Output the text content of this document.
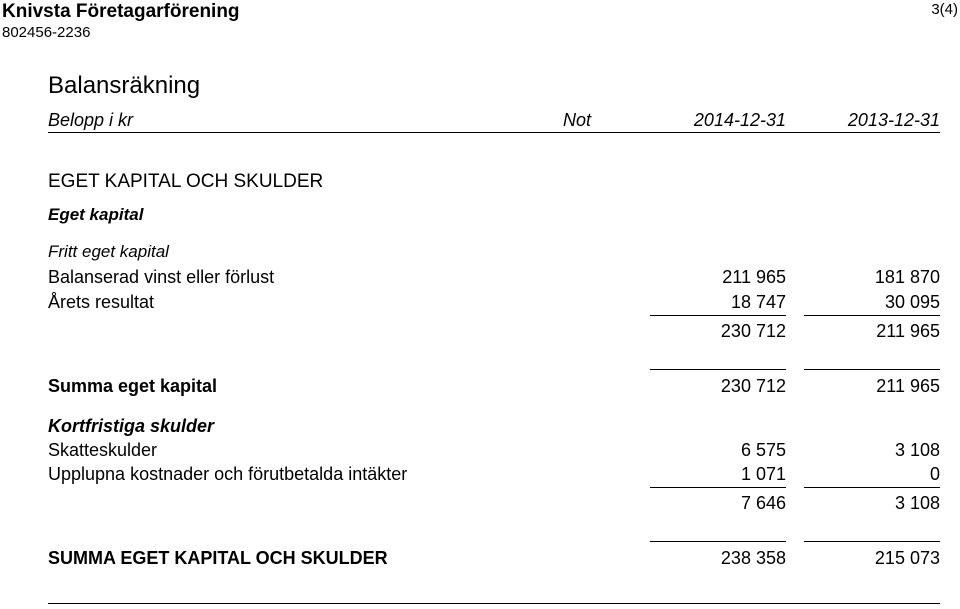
Knivsta Företagarförening
802456-2236
3(4)
Balansräkning
Belopp i kr	Not	2014-12-31	2013-12-31
EGET KAPITAL OCH SKULDER
Eget kapital
Fritt eget kapital
Balanserad vinst eller förlust	211 965	181 870
Årets resultat	18 747	30 095
230 712	211 965
Summa eget kapital	230 712	211 965
Kortfristiga skulder
Skatteskulder	6 575	3 108
Upplupna kostnader och förutbetalda intäkter	1 071	0
7 646	3 108
SUMMA EGET KAPITAL OCH SKULDER	238 358	215 073
